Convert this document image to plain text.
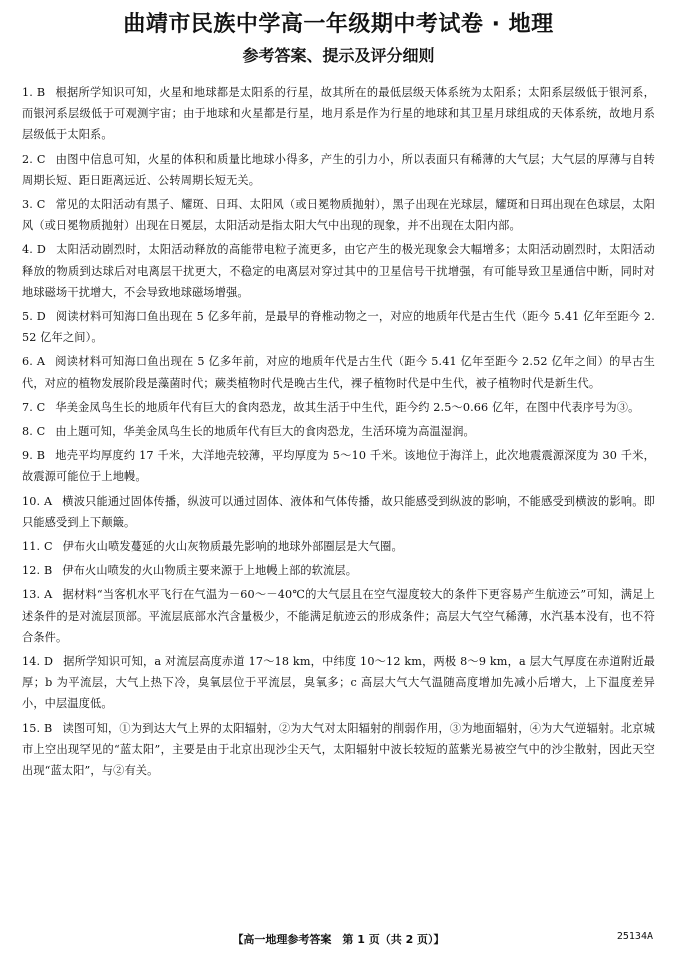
曲靖市民族中学高一年级期中考试卷 · 地理
参考答案、提示及评分细则

1. B 根据所学知识可知，火星和地球都是太阳系的行星，故其所在的最低层级天体系统为太阳系；太阳系层级低于银河系，而银河系层级低于可观测宇宙；由于地球和火星都是行星，地月系是作为行星的地球和其卫星月球组成的天体系统，故地月系层级低于太阳系。

2. C 由图中信息可知，火星的体积和质量比地球小得多，产生的引力小，所以表面只有稀薄的大气层；大气层的厚薄与自转周期长短、距日距离远近、公转周期长短无关。

3. C 常见的太阳活动有黑子、耀斑、日珥、太阳风（或日冕物质抛射），黑子出现在光球层，耀斑和日珥出现在色球层，太阳风（或日冕物质抛射）出现在日冕层，太阳活动是指太阳大气中出现的现象，并不出现在太阳内部。

4. D 太阳活动剧烈时，太阳活动释放的高能带电粒子流更多，由它产生的极光现象会大幅增多；太阳活动剧烈时，太阳活动释放的物质到达球后对电离层干扰更大，不稳定的电离层对穿过其中的卫星信号干扰增强，有可能导致卫星通信中断，同时对地球磁场干扰增大，不会导致地球磁场增强。

5. D 阅读材料可知海口鱼出现在 5 亿多年前，是最早的脊椎动物之一，对应的地质年代是古生代（距今 5.41 亿年至距今 2.52 亿年之间）。

6. A 阅读材料可知海口鱼出现在 5 亿多年前，对应的地质年代是古生代（距今 5.41 亿年至距今 2.52 亿年之间）的早古生代，对应的植物发展阶段是藻菌时代；蕨类植物时代是晚古生代，裸子植物时代是中生代，被子植物时代是新生代。

7. C 华美金凤鸟生长的地质年代有巨大的食肉恐龙，故其生活于中生代，距今约 2.5～0.66 亿年，在图中代表序号为③。

8. C 由上题可知，华美金凤鸟生长的地质年代有巨大的食肉恐龙，生活环境为高温湿润。

9. B 地壳平均厚度约 17 千米，大洋地壳较薄，平均厚度为 5～10 千米。该地位于海洋上，此次地震震源深度为 30 千米，故震源可能位于上地幔。

10. A 横波只能通过固体传播，纵波可以通过固体、液体和气体传播，故只能感受到纵波的影响，不能感受到横波的影响。即只能感受到上下颠簸。

11. C 伊布火山喷发蔓延的火山灰物质最先影响的地球外部圈层是大气圈。

12. B 伊布火山喷发的火山物质主要来源于上地幔上部的软流层。

13. A 据材料“当客机水平飞行在气温为－60～－40℃的大气层且在空气湿度较大的条件下更容易产生航迹云”可知，满足上述条件的是对流层顶部。平流层底部水汽含量极少，不能满足航迹云的形成条件；高层大气空气稀薄，水汽基本没有，也不符合条件。

14. D 据所学知识可知，a 对流层高度赤道 17～18 km，中纬度 10～12 km，两极 8～9 km，a 层大气厚度在赤道附近最厚；b 为平流层，大气上热下冷，臭氧层位于平流层，臭氧多；c 高层大气大气温随高度增加先减小后增大，上下温度差异小，中层温度低。

15. B 读图可知，①为到达大气上界的太阳辐射，②为大气对太阳辐射的削弱作用，③为地面辐射，④为大气逆辐射。北京城市上空出现罕见的“蓝太阳”，主要是由于北京出现沙尘天气，太阳辐射中波长较短的蓝紫光易被空气中的沙尘散射，因此天空出现“蓝太阳”，与②有关。

【高一地理参考答案　第 1 页（共 2 页）】	25134A
